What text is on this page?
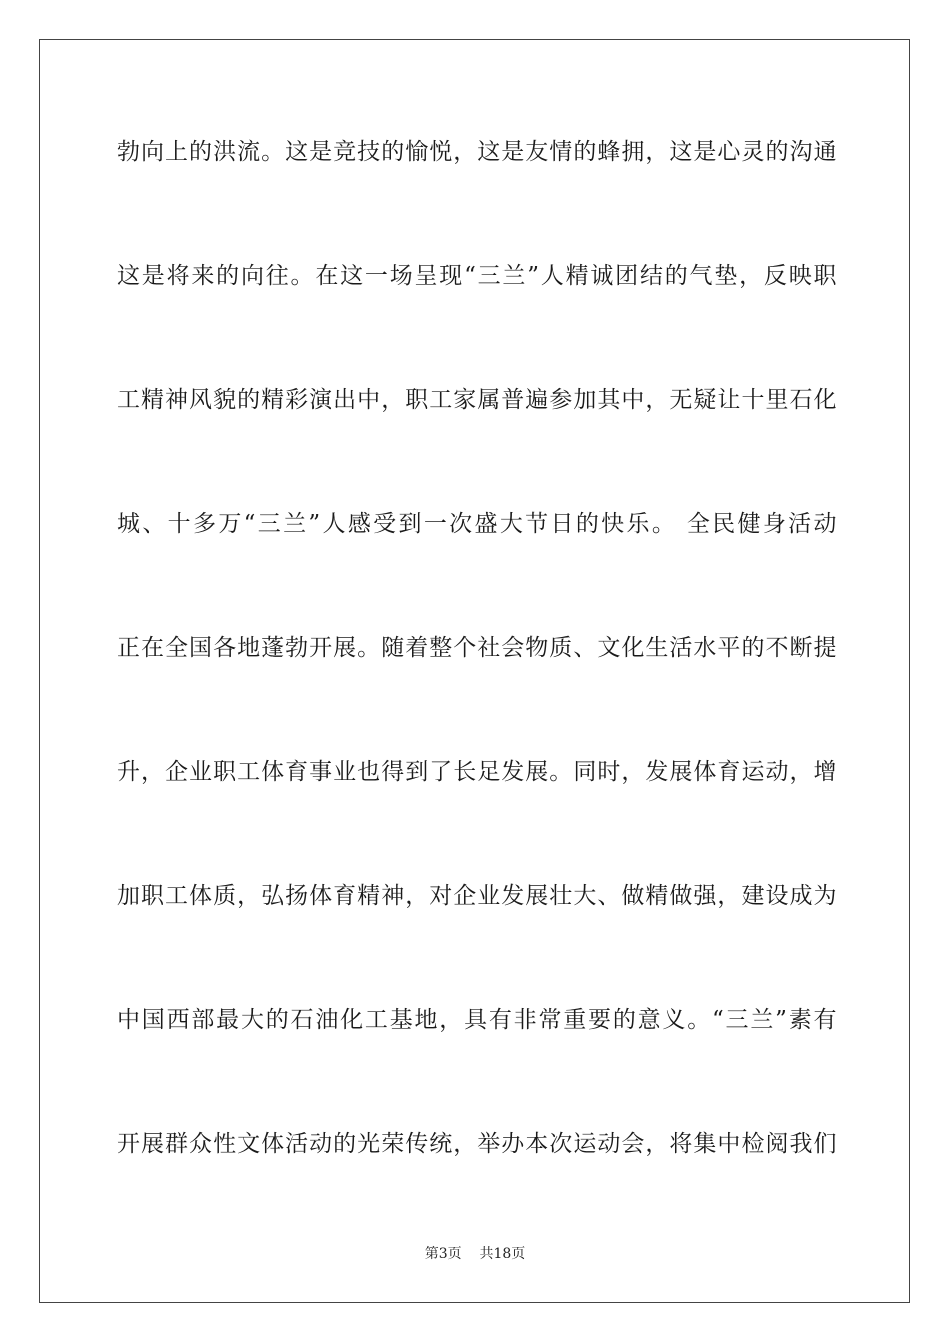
勃向上的洪流。这是竞技的愉悦，这是友情的蜂拥，这是心灵的沟通
这是将来的向往。在这一场呈现“三兰”人精诚团结的气垫，反映职
工精神风貌的精彩演出中，职工家属普遍参加其中，无疑让十里石化
城、十多万“三兰”人感受到一次盛大节日的快乐。 全民健身活动
正在全国各地蓬勃开展。随着整个社会物质、文化生活水平的不断提
升，企业职工体育事业也得到了长足发展。同时，发展体育运动，增
加职工体质，弘扬体育精神，对企业发展壮大、做精做强，建设成为
中国西部最大的石油化工基地，具有非常重要的意义。“三兰”素有
开展群众性文体活动的光荣传统，举办本次运动会，将集中检阅我们
第3页 共18页
